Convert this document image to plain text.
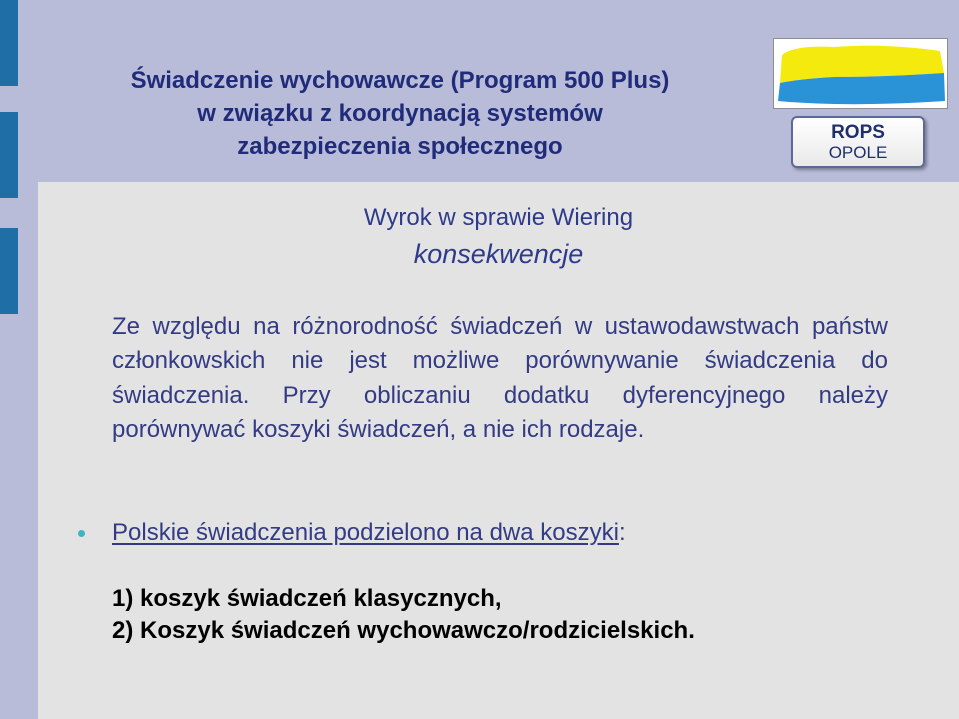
Świadczenie wychowawcze (Program 500 Plus)
w związku z koordynacją systemów
zabezpieczenia społecznego
ROPS
OPOLE
Wyrok w sprawie Wiering
konsekwencje
Ze względu na różnorodność świadczeń w ustawodawstwach państw członkowskich nie jest możliwe porównywanie świadczenia do świadczenia. Przy obliczaniu dodatku dyferencyjnego należy porównywać koszyki świadczeń, a nie ich rodzaje.
Polskie świadczenia podzielono na dwa koszyki:
1) koszyk świadczeń klasycznych,
2) Koszyk świadczeń wychowawczo/rodzicielskich.
